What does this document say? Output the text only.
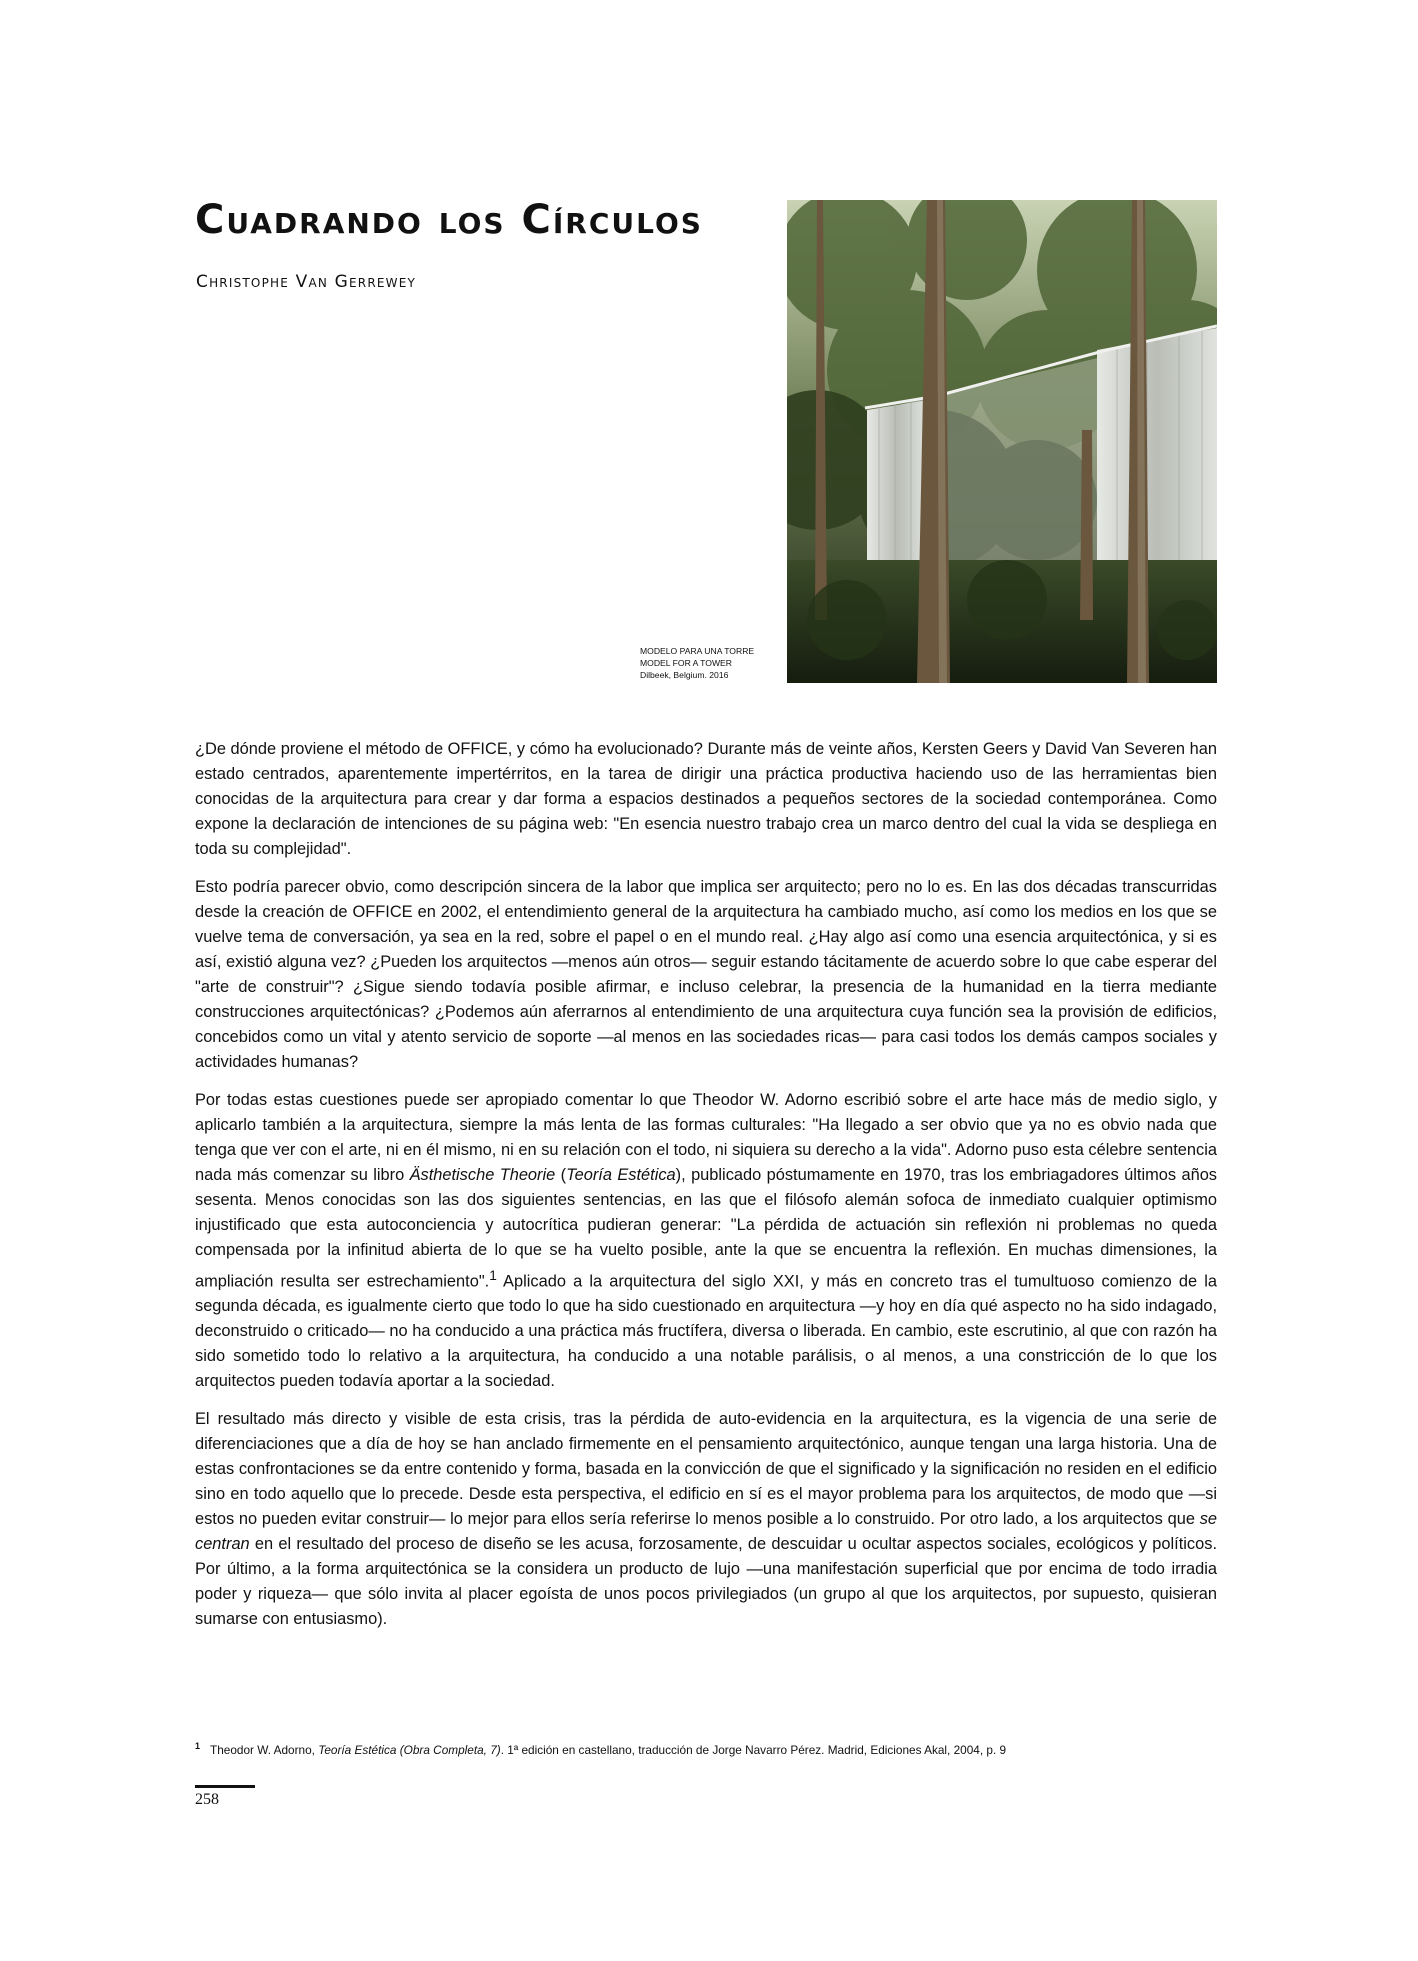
Cuadrando los Círculos
Christophe Van Gerrewey
MODELO PARA UNA TORRE
MODEL FOR A TOWER
Dilbeek, Belgium. 2016

¿De dónde proviene el método de OFFICE, y cómo ha evolucionado? Durante más de veinte años, Kersten Geers y David Van Severen han estado centrados, aparentemente impertérritos, en la tarea de dirigir una práctica productiva haciendo uso de las herramientas bien conocidas de la arquitectura para crear y dar forma a espacios destinados a pequeños sectores de la sociedad contemporánea. Como expone la declaración de intenciones de su página web: "En esencia nuestro trabajo crea un marco dentro del cual la vida se despliega en toda su complejidad".

Esto podría parecer obvio, como descripción sincera de la labor que implica ser arquitecto; pero no lo es. En las dos décadas transcurridas desde la creación de OFFICE en 2002, el entendimiento general de la arquitectura ha cambiado mucho, así como los medios en los que se vuelve tema de conversación, ya sea en la red, sobre el papel o en el mundo real. ¿Hay algo así como una esencia arquitectónica, y si es así, existió alguna vez? ¿Pueden los arquitectos —menos aún otros— seguir estando tácitamente de acuerdo sobre lo que cabe esperar del "arte de construir"? ¿Sigue siendo todavía posible afirmar, e incluso celebrar, la presencia de la humanidad en la tierra mediante construcciones arquitectónicas? ¿Podemos aún aferrarnos al entendimiento de una arquitectura cuya función sea la provisión de edificios, concebidos como un vital y atento servicio de soporte —al menos en las sociedades ricas— para casi todos los demás campos sociales y actividades humanas?

Por todas estas cuestiones puede ser apropiado comentar lo que Theodor W. Adorno escribió sobre el arte hace más de medio siglo, y aplicarlo también a la arquitectura, siempre la más lenta de las formas culturales: "Ha llegado a ser obvio que ya no es obvio nada que tenga que ver con el arte, ni en él mismo, ni en su relación con el todo, ni siquiera su derecho a la vida". Adorno puso esta célebre sentencia nada más comenzar su libro Ästhetische Theorie (Teoría Estética), publicado póstumamente en 1970, tras los embriagadores últimos años sesenta. Menos conocidas son las dos siguientes sentencias, en las que el filósofo alemán sofoca de inmediato cualquier optimismo injustificado que esta autoconciencia y autocrítica pudieran generar: "La pérdida de actuación sin reflexión ni problemas no queda compensada por la infinitud abierta de lo que se ha vuelto posible, ante la que se encuentra la reflexión. En muchas dimensiones, la ampliación resulta ser estrechamiento".$^1$ Aplicado a la arquitectura del siglo XXI, y más en concreto tras el tumultuoso comienzo de la segunda década, es igualmente cierto que todo lo que ha sido cuestionado en arquitectura —y hoy en día qué aspecto no ha sido indagado, deconstruido o criticado— no ha conducido a una práctica más fructífera, diversa o liberada. En cambio, este escrutinio, al que con razón ha sido sometido todo lo relativo a la arquitectura, ha conducido a una notable parálisis, o al menos, a una constricción de lo que los arquitectos pueden todavía aportar a la sociedad.

El resultado más directo y visible de esta crisis, tras la pérdida de auto-evidencia en la arquitectura, es la vigencia de una serie de diferenciaciones que a día de hoy se han anclado firmemente en el pensamiento arquitectónico, aunque tengan una larga historia. Una de estas confrontaciones se da entre contenido y forma, basada en la convicción de que el significado y la significación no residen en el edificio sino en todo aquello que lo precede. Desde esta perspectiva, el edificio en sí es el mayor problema para los arquitectos, de modo que —si estos no pueden evitar construir— lo mejor para ellos sería referirse lo menos posible a lo construido. Por otro lado, a los arquitectos que se centran en el resultado del proceso de diseño se les acusa, forzosamente, de descuidar u ocultar aspectos sociales, ecológicos y políticos. Por último, a la forma arquitectónica se la considera un producto de lujo —una manifestación superficial que por encima de todo irradia poder y riqueza— que sólo invita al placer egoísta de unos pocos privilegiados (un grupo al que los arquitectos, por supuesto, quisieran sumarse con entusiasmo).

$^1$ Theodor W. Adorno, Teoría Estética (Obra Completa, 7). 1ª edición en castellano, traducción de Jorge Navarro Pérez. Madrid, Ediciones Akal, 2004, p. 9
258
